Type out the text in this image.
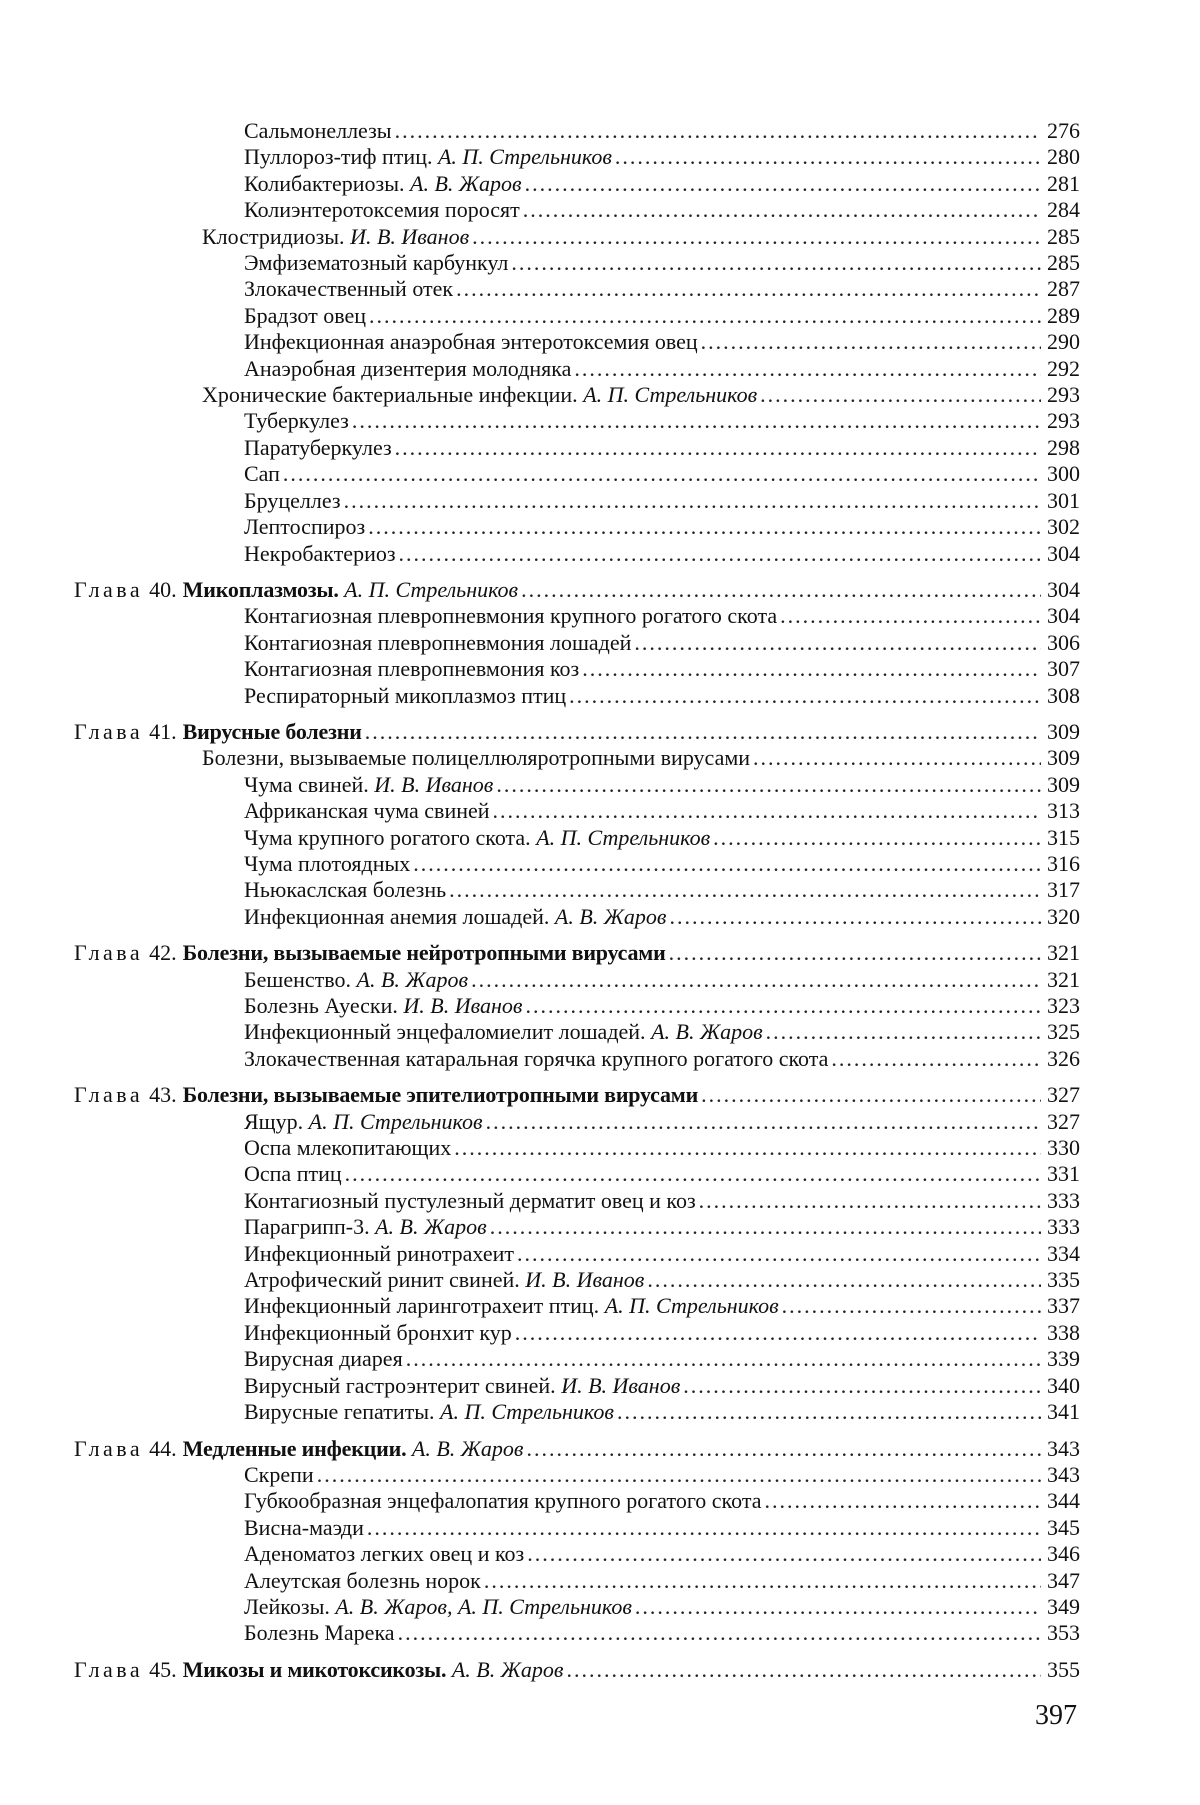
Сальмонеллезы .....	276
Пуллороз-тиф птиц. А. П. Стрельников .....	280
Колибактериозы. А. В. Жаров .....	281
Колиэнтеротоксемия поросят .....	284
Клостридиозы. И. В. Иванов .....	285
Эмфизематозный карбункул .....	285
Злокачественный отек .....	287
Брадзот овец .....	289
Инфекционная анаэробная энтеротоксемия овец .....	290
Анаэробная дизентерия молодняка .....	292
Хронические бактериальные инфекции. А. П. Стрельников .....	293
Туберкулез .....	293
Паратуберкулез .....	298
Сап .....	300
Бруцеллез .....	301
Лептоспироз .....	302
Некробактериоз .....	304
Глава 40. Микоплазмозы. А. П. Стрельников .....	304
Контагиозная плевропневмония крупного рогатого скота .....	304
Контагиозная плевропневмония лошадей .....	306
Контагиозная плевропневмония коз .....	307
Респираторный микоплазмоз птиц .....	308
Глава 41. Вирусные болезни .....	309
Болезни, вызываемые полицеллюляротропными вирусами .....	309
Чума свиней. И. В. Иванов .....	309
Африканская чума свиней .....	313
Чума крупного рогатого скота. А. П. Стрельников .....	315
Чума плотоядных .....	316
Ньюкаслская болезнь .....	317
Инфекционная анемия лошадей. А. В. Жаров .....	320
Глава 42. Болезни, вызываемые нейротропными вирусами .....	321
Бешенство. А. В. Жаров .....	321
Болезнь Ауески. И. В. Иванов .....	323
Инфекционный энцефаломиелит лошадей. А. В. Жаров .....	325
Злокачественная катаральная горячка крупного рогатого скота .....	326
Глава 43. Болезни, вызываемые эпителиотропными вирусами .....	327
Ящур. А. П. Стрельников .....	327
Оспа млекопитающих .....	330
Оспа птиц .....	331
Контагиозный пустулезный дерматит овец и коз .....	333
Парагрипп-3. А. В. Жаров .....	333
Инфекционный ринотрахеит .....	334
Атрофический ринит свиней. И. В. Иванов .....	335
Инфекционный ларинготрахеит птиц. А. П. Стрельников .....	337
Инфекционный бронхит кур .....	338
Вирусная диарея .....	339
Вирусный гастроэнтерит свиней. И. В. Иванов .....	340
Вирусные гепатиты. А. П. Стрельников .....	341
Глава 44. Медленные инфекции. А. В. Жаров .....	343
Скрепи .....	343
Губкообразная энцефалопатия крупного рогатого скота .....	344
Висна-маэди .....	345
Аденоматоз легких овец и коз .....	346
Алеутская болезнь норок .....	347
Лейкозы. А. В. Жаров, А. П. Стрельников .....	349
Болезнь Марека .....	353
Глава 45. Микозы и микотоксикозы. А. В. Жаров .....	355
397
